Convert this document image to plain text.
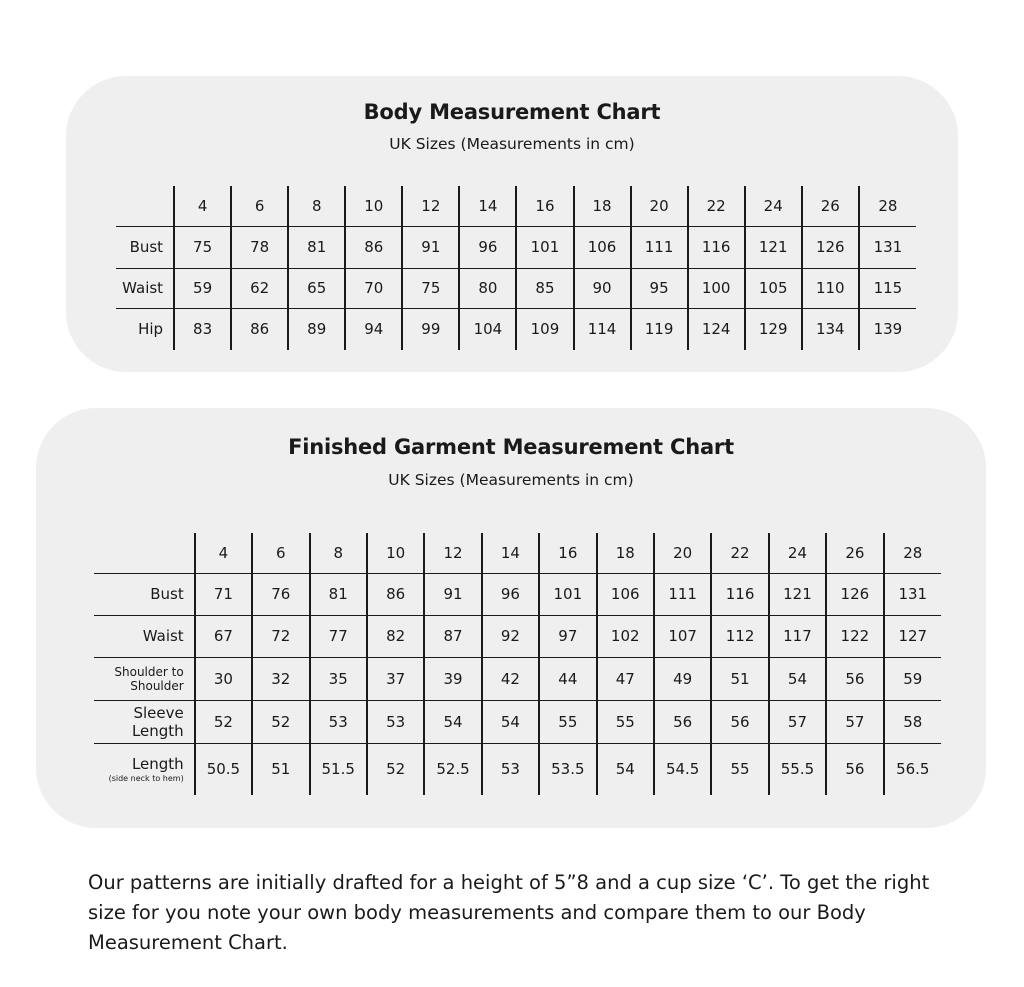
Body Measurement Chart
UK Sizes (Measurements in cm)
	4	6	8	10	12	14	16	18	20	22	24	26	28
Bust	75	78	81	86	91	96	101	106	111	116	121	126	131
Waist	59	62	65	70	75	80	85	90	95	100	105	110	115
Hip	83	86	89	94	99	104	109	114	119	124	129	134	139
Finished Garment Measurement Chart
UK Sizes (Measurements in cm)
	4	6	8	10	12	14	16	18	20	22	24	26	28
Bust	71	76	81	86	91	96	101	106	111	116	121	126	131
Waist	67	72	77	82	87	92	97	102	107	112	117	122	127

Shoulder to Shoulder	30	32	35	37	39	42	44	47	49	51	54	56	59
Sleeve Length	52	52	53	53	54	54	55	55	56	56	57	57	58
Length
(side neck to hem)	50.5	51	51.5	52	52.5	53	53.5	54	54.5	55	55.5	56	56.5
Our patterns are initially drafted for a height of 5”8 and a cup size ‘C’. To get the right size for you note your own body measurements and compare them to our Body Measurement Chart.
